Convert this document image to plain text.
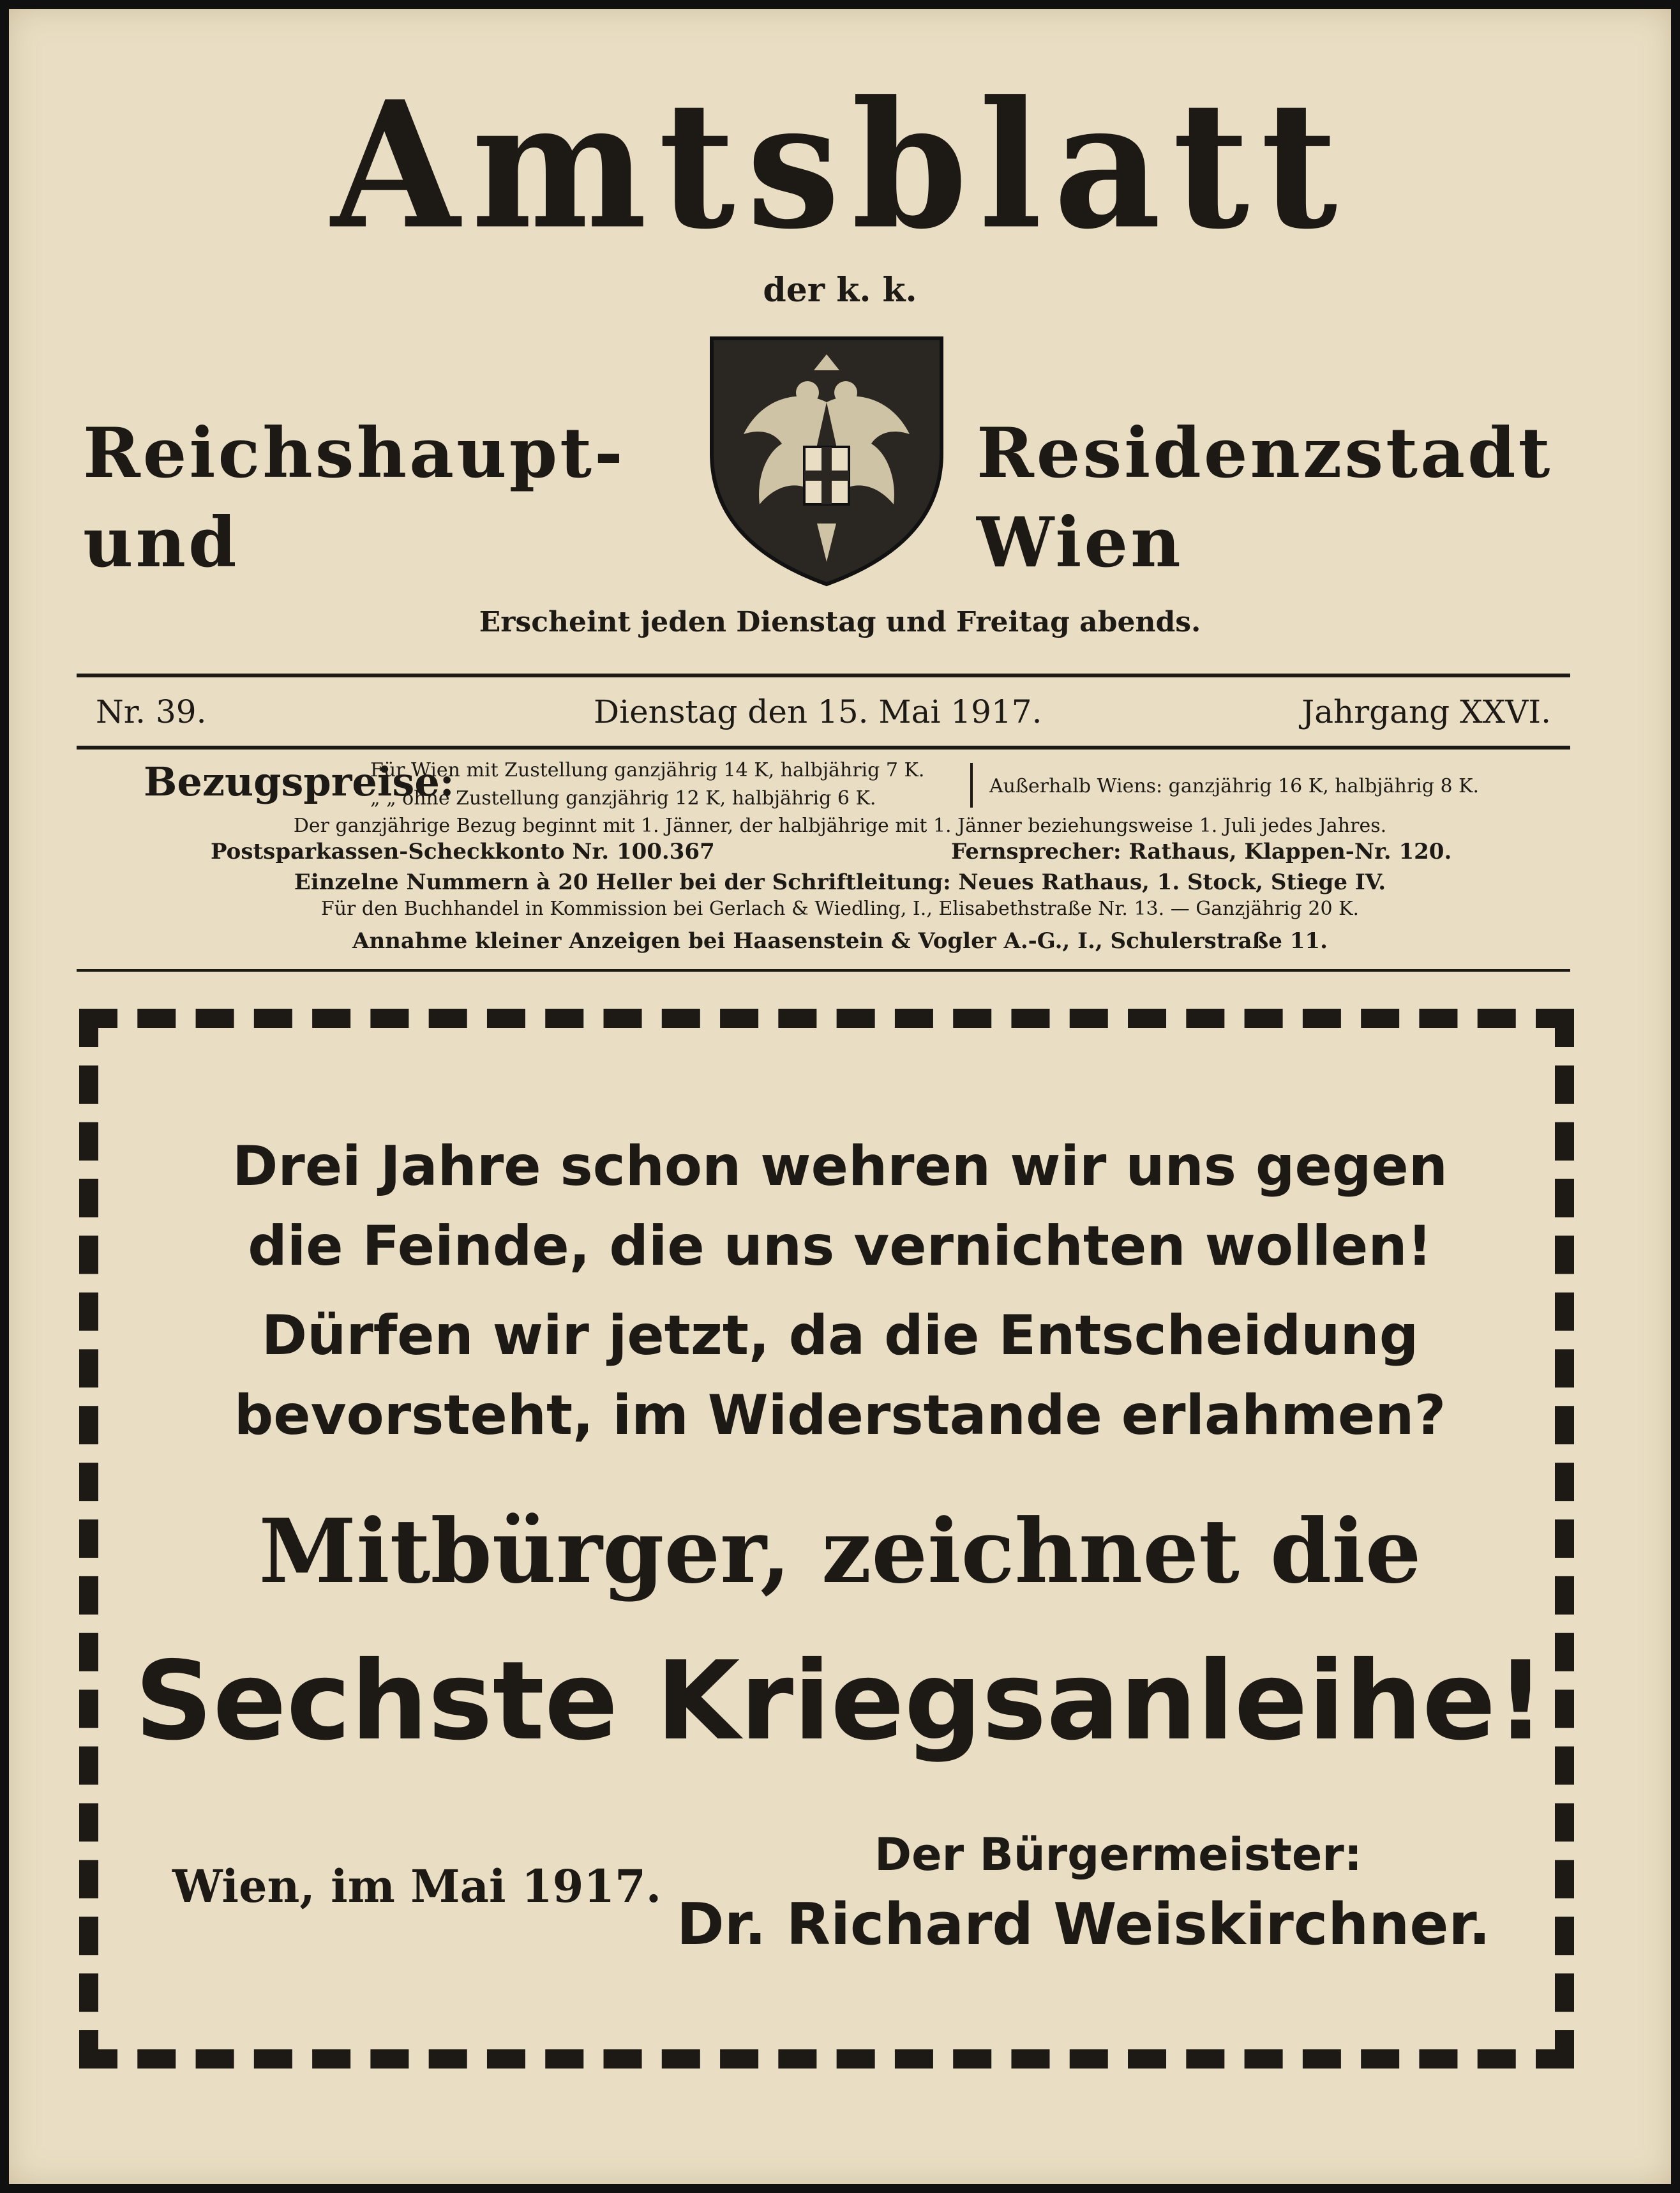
Amtsblatt
der k. k.
Reichshaupt- und
Residenzstadt Wien
Erscheint jeden Dienstag und Freitag abends.
Nr. 39.	Dienstag den 15. Mai 1917.	Jahrgang XXVI.
Bezugspreise:
Für Wien mit Zustellung ganzjährig 14 K, halbjährig 7 K.
„ „ ohne Zustellung ganzjährig 12 K, halbjährig 6 K.
Außerhalb Wiens: ganzjährig 16 K, halbjährig 8 K.
Der ganzjährige Bezug beginnt mit 1. Jänner, der halbjährige mit 1. Jänner beziehungsweise 1. Juli jedes Jahres.
Postsparkassen-Scheckkonto Nr. 100.367	Fernsprecher: Rathaus, Klappen-Nr. 120.
Einzelne Nummern à 20 Heller bei der Schriftleitung: Neues Rathaus, 1. Stock, Stiege IV.
Für den Buchhandel in Kommission bei Gerlach & Wiedling, I., Elisabethstraße Nr. 13. — Ganzjährig 20 K.
Annahme kleiner Anzeigen bei Haasenstein & Vogler A.-G., I., Schulerstraße 11.
Drei Jahre schon wehren wir uns gegen
die Feinde, die uns vernichten wollen!
Dürfen wir jetzt, da die Entscheidung
bevorsteht, im Widerstande erlahmen?
Mitbürger, zeichnet die
Sechste Kriegsanleihe!
Wien, im Mai 1917.
Der Bürgermeister:
Dr. Richard Weiskirchner.
